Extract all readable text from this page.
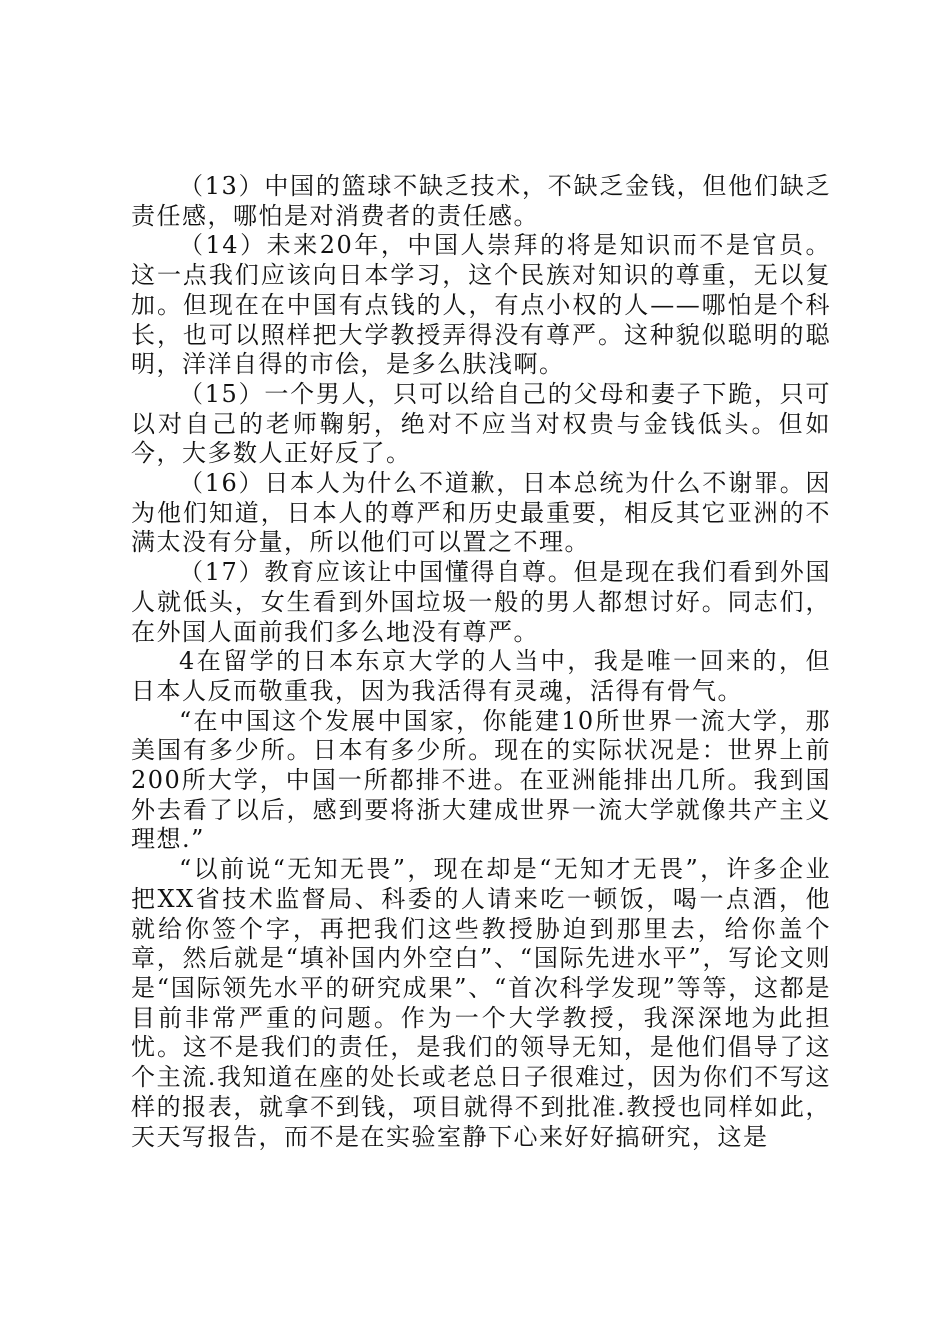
（13）中国的篮球不缺乏技术，不缺乏金钱，但他们缺乏责任感，哪怕是对消费者的责任感。

（14）未来20年，中国人崇拜的将是知识而不是官员。这一点我们应该向日本学习，这个民族对知识的尊重，无以复加。但现在在中国有点钱的人，有点小权的人——哪怕是个科长，也可以照样把大学教授弄得没有尊严。这种貌似聪明的聪明，洋洋自得的市侩，是多么肤浅啊。

（15）一个男人，只可以给自己的父母和妻子下跪，只可以对自己的老师鞠躬，绝对不应当对权贵与金钱低头。但如今，大多数人正好反了。

（16）日本人为什么不道歉，日本总统为什么不谢罪。因为他们知道，日本人的尊严和历史最重要，相反其它亚洲的不满太没有分量，所以他们可以置之不理。

（17）教育应该让中国懂得自尊。但是现在我们看到外国人就低头，女生看到外国垃圾一般的男人都想讨好。同志们，在外国人面前我们多么地没有尊严。

4在留学的日本东京大学的人当中，我是唯一回来的，但日本人反而敬重我，因为我活得有灵魂，活得有骨气。

“在中国这个发展中国家，你能建10所世界一流大学，那美国有多少所。日本有多少所。现在的实际状况是：世界上前200所大学，中国一所都排不进。在亚洲能排出几所。我到国外去看了以后，感到要将浙大建成世界一流大学就像共产主义理想.”

“以前说“无知无畏”，现在却是“无知才无畏”，许多企业把XX省技术监督局、科委的人请来吃一顿饭，喝一点酒，他就给你签个字，再把我们这些教授胁迫到那里去，给你盖个章，然后就是“填补国内外空白”、“国际先进水平”，写论文则是“国际领先水平的研究成果”、“首次科学发现”等等，这都是目前非常严重的问题。作为一个大学教授，我深深地为此担忧。这不是我们的责任，是我们的领导无知，是他们倡导了这个主流.我知道在座的处长或老总日子很难过，因为你们不写这样的报表，就拿不到钱，项目就得不到批准.教授也同样如此，天天写报告，而不是在实验室静下心来好好搞研究，这是
